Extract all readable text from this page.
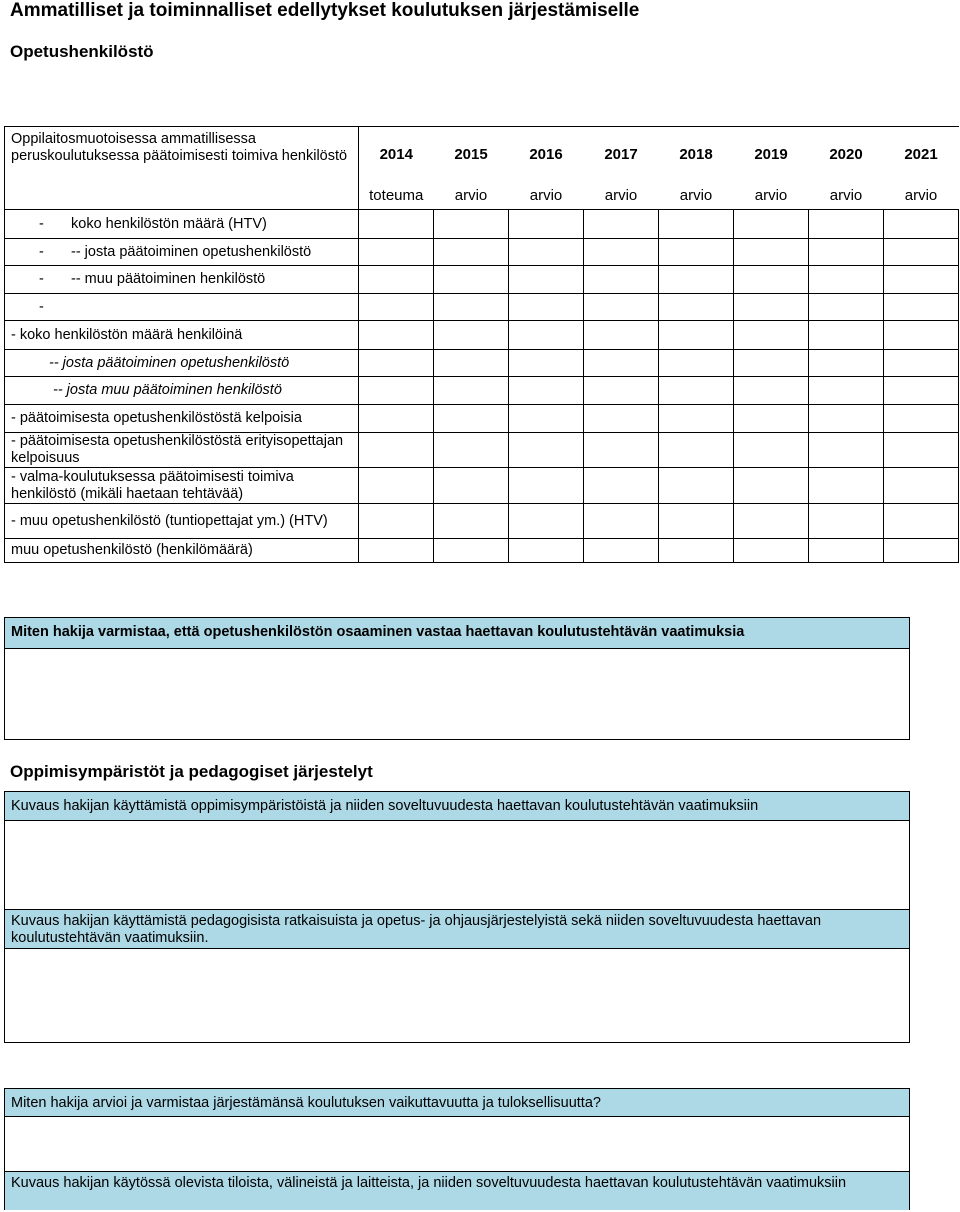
Ammatilliset ja toiminnalliset edellytykset koulutuksen järjestämiselle
Opetushenkilöstö
Oppilaitosmuotoisessa ammatillisessa peruskoulutuksessa päätoimisesti toimiva henkilöstö	2014	2015	2016	2017	2018	2019	2020	2021
	toteuma	arvio	arvio	arvio	arvio	arvio	arvio	arvio
- koko henkilöstön määrä (HTV)								
- -- josta päätoiminen opetushenkilöstö								
- -- muu päätoiminen henkilöstö								
-								
- koko henkilöstön määrä henkilöinä								
-- josta päätoiminen opetushenkilöstö								
-- josta muu päätoiminen henkilöstö								
- päätoimisesta opetushenkilöstöstä kelpoisia								
- päätoimisesta opetushenkilöstöstä erityisopettajan kelpoisuus								
- valma-koulutuksessa päätoimisesti toimiva henkilöstö (mikäli haetaan tehtävää)								
- muu opetushenkilöstö (tuntiopettajat ym.) (HTV)								
muu opetushenkilöstö (henkilömäärä)								
Miten hakija varmistaa, että opetushenkilöstön osaaminen vastaa haettavan koulutustehtävän vaatimuksia
Oppimisympäristöt ja pedagogiset järjestelyt
Kuvaus hakijan käyttämistä oppimisympäristöistä ja niiden soveltuvuudesta haettavan koulutustehtävän vaatimuksiin
Kuvaus hakijan käyttämistä pedagogisista ratkaisuista ja opetus- ja ohjausjärjestelyistä sekä niiden soveltuvuudesta haettavan koulutustehtävän vaatimuksiin.
Miten hakija arvioi ja varmistaa järjestämänsä koulutuksen vaikuttavuutta ja tuloksellisuutta?
Kuvaus hakijan käytössä olevista tiloista, välineistä ja laitteista, ja niiden soveltuvuudesta haettavan koulutustehtävän vaatimuksiin
